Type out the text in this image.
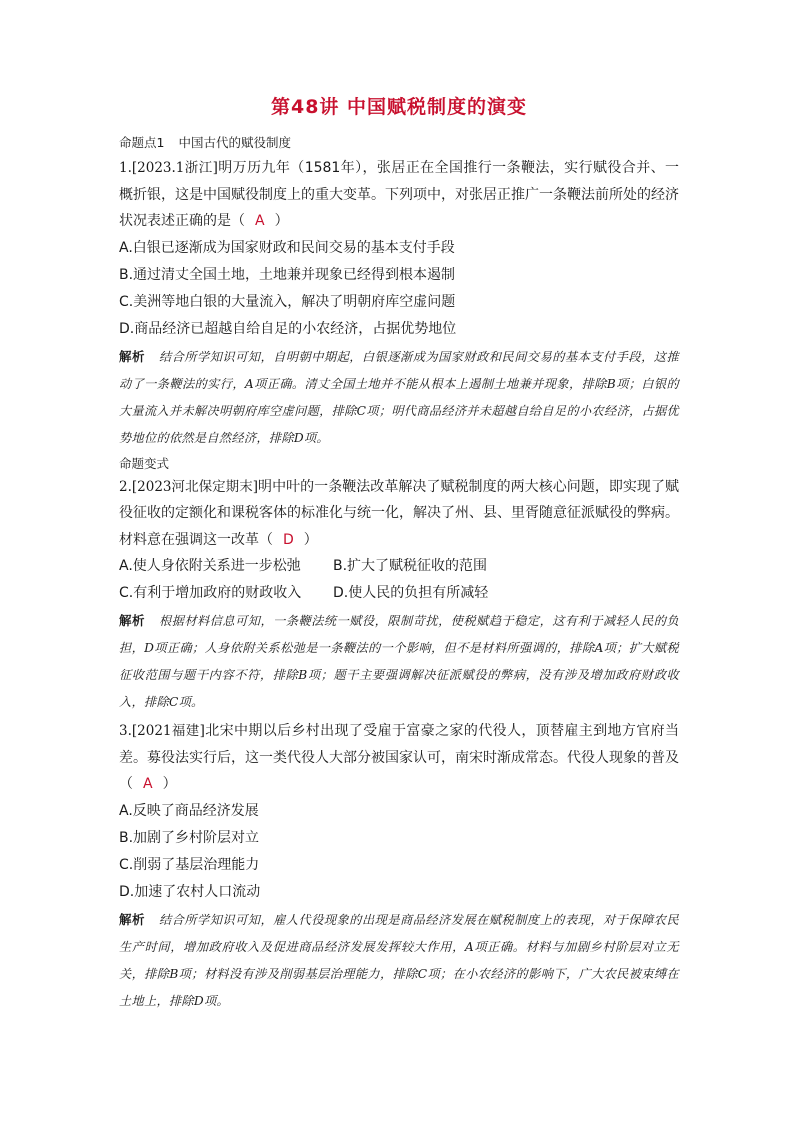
第48讲 中国赋税制度的演变
命题点1 中国古代的赋役制度

1.[2023.1浙江]明万历九年（1581年），张居正在全国推行一条鞭法，实行赋役合并、一概折银，这是中国赋役制度上的重大变革。下列项中，对张居正推广一条鞭法前所处的经济状况表述正确的是（ A ）

A.白银已逐渐成为国家财政和民间交易的基本支付手段

B.通过清丈全国土地，土地兼并现象已经得到根本遏制

C.美洲等地白银的大量流入，解决了明朝府库空虚问题

D.商品经济已超越自给自足的小农经济，占据优势地位

解析 结合所学知识可知，自明朝中期起，白银逐渐成为国家财政和民间交易的基本支付手段，这推动了一条鞭法的实行，A项正确。清丈全国土地并不能从根本上遏制土地兼并现象，排除B项；白银的大量流入并未解决明朝府库空虚问题，排除C项；明代商品经济并未超越自给自足的小农经济，占据优势地位的依然是自然经济，排除D项。

命题变式

2.[2023河北保定期末]明中叶的一条鞭法改革解决了赋税制度的两大核心问题，即实现了赋役征收的定额化和课税客体的标准化与统一化，解决了州、县、里胥随意征派赋役的弊病。材料意在强调这一改革（ D ）

A.使人身依附关系进一步松弛	B.扩大了赋税征收的范围
C.有利于增加政府的财政收入	D.使人民的负担有所减轻

解析 根据材料信息可知，一条鞭法统一赋役，限制苛扰，使税赋趋于稳定，这有利于减轻人民的负担，D项正确；人身依附关系松弛是一条鞭法的一个影响，但不是材料所强调的，排除A项；扩大赋税征收范围与题干内容不符，排除B项；题干主要强调解决征派赋役的弊病，没有涉及增加政府财政收入，排除C项。

3.[2021福建]北宋中期以后乡村出现了受雇于富豪之家的代役人，顶替雇主到地方官府当差。募役法实行后，这一类代役人大部分被国家认可，南宋时渐成常态。代役人现象的普及（ A ）

A.反映了商品经济发展

B.加剧了乡村阶层对立

C.削弱了基层治理能力

D.加速了农村人口流动

解析 结合所学知识可知，雇人代役现象的出现是商品经济发展在赋税制度上的表现，对于保障农民生产时间，增加政府收入及促进商品经济发展发挥较大作用，A项正确。材料与加剧乡村阶层对立无关，排除B项；材料没有涉及削弱基层治理能力，排除C项；在小农经济的影响下，广大农民被束缚在土地上，排除D项。
